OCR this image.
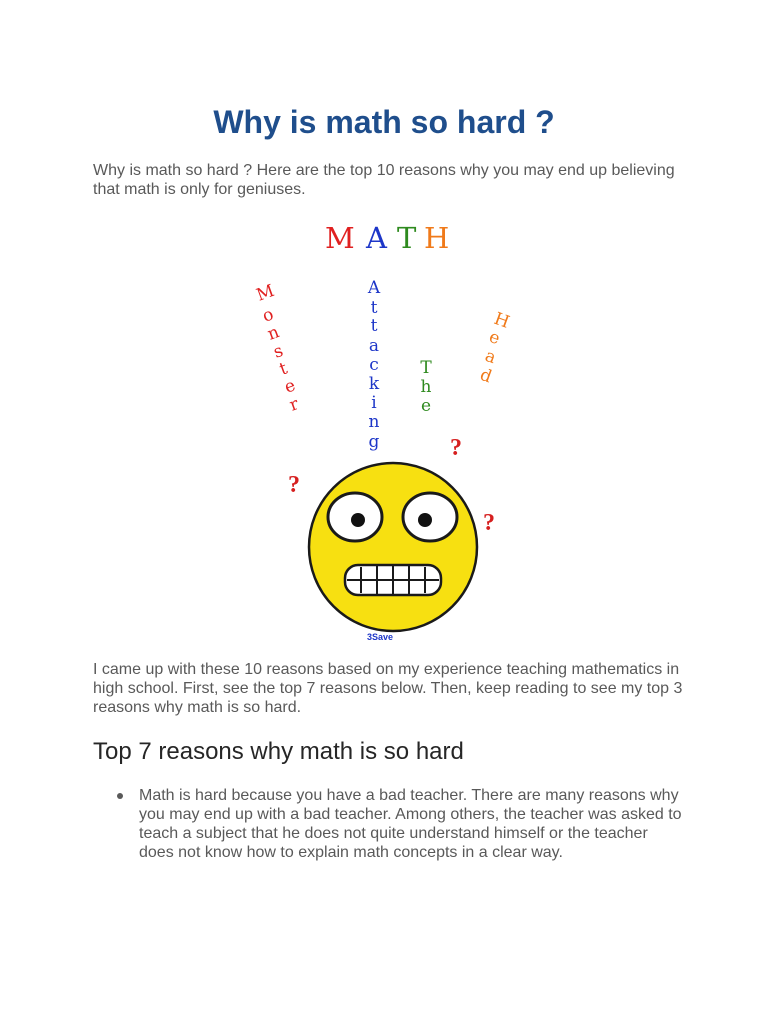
Why is math so hard ?

Why is math so hard ? Here are the top 10 reasons why you may end up believing that math is only for geniuses.

M A T H
M
o
n
s
t
e
r
A
t
t
a
c
k
i
n
g
T
h
e
H
e
a
d
?
?
?
3Save

I came up with these 10 reasons based on my experience teaching mathematics in high school. First, see the top 7 reasons below. Then, keep reading to see my top 3 reasons why math is so hard.

Top 7 reasons why math is so hard
Math is hard because you have a bad teacher. There are many reasons why you may end up with a bad teacher. Among others, the teacher was asked to teach a subject that he does not quite understand himself or the teacher does not know how to explain math concepts in a clear way.
